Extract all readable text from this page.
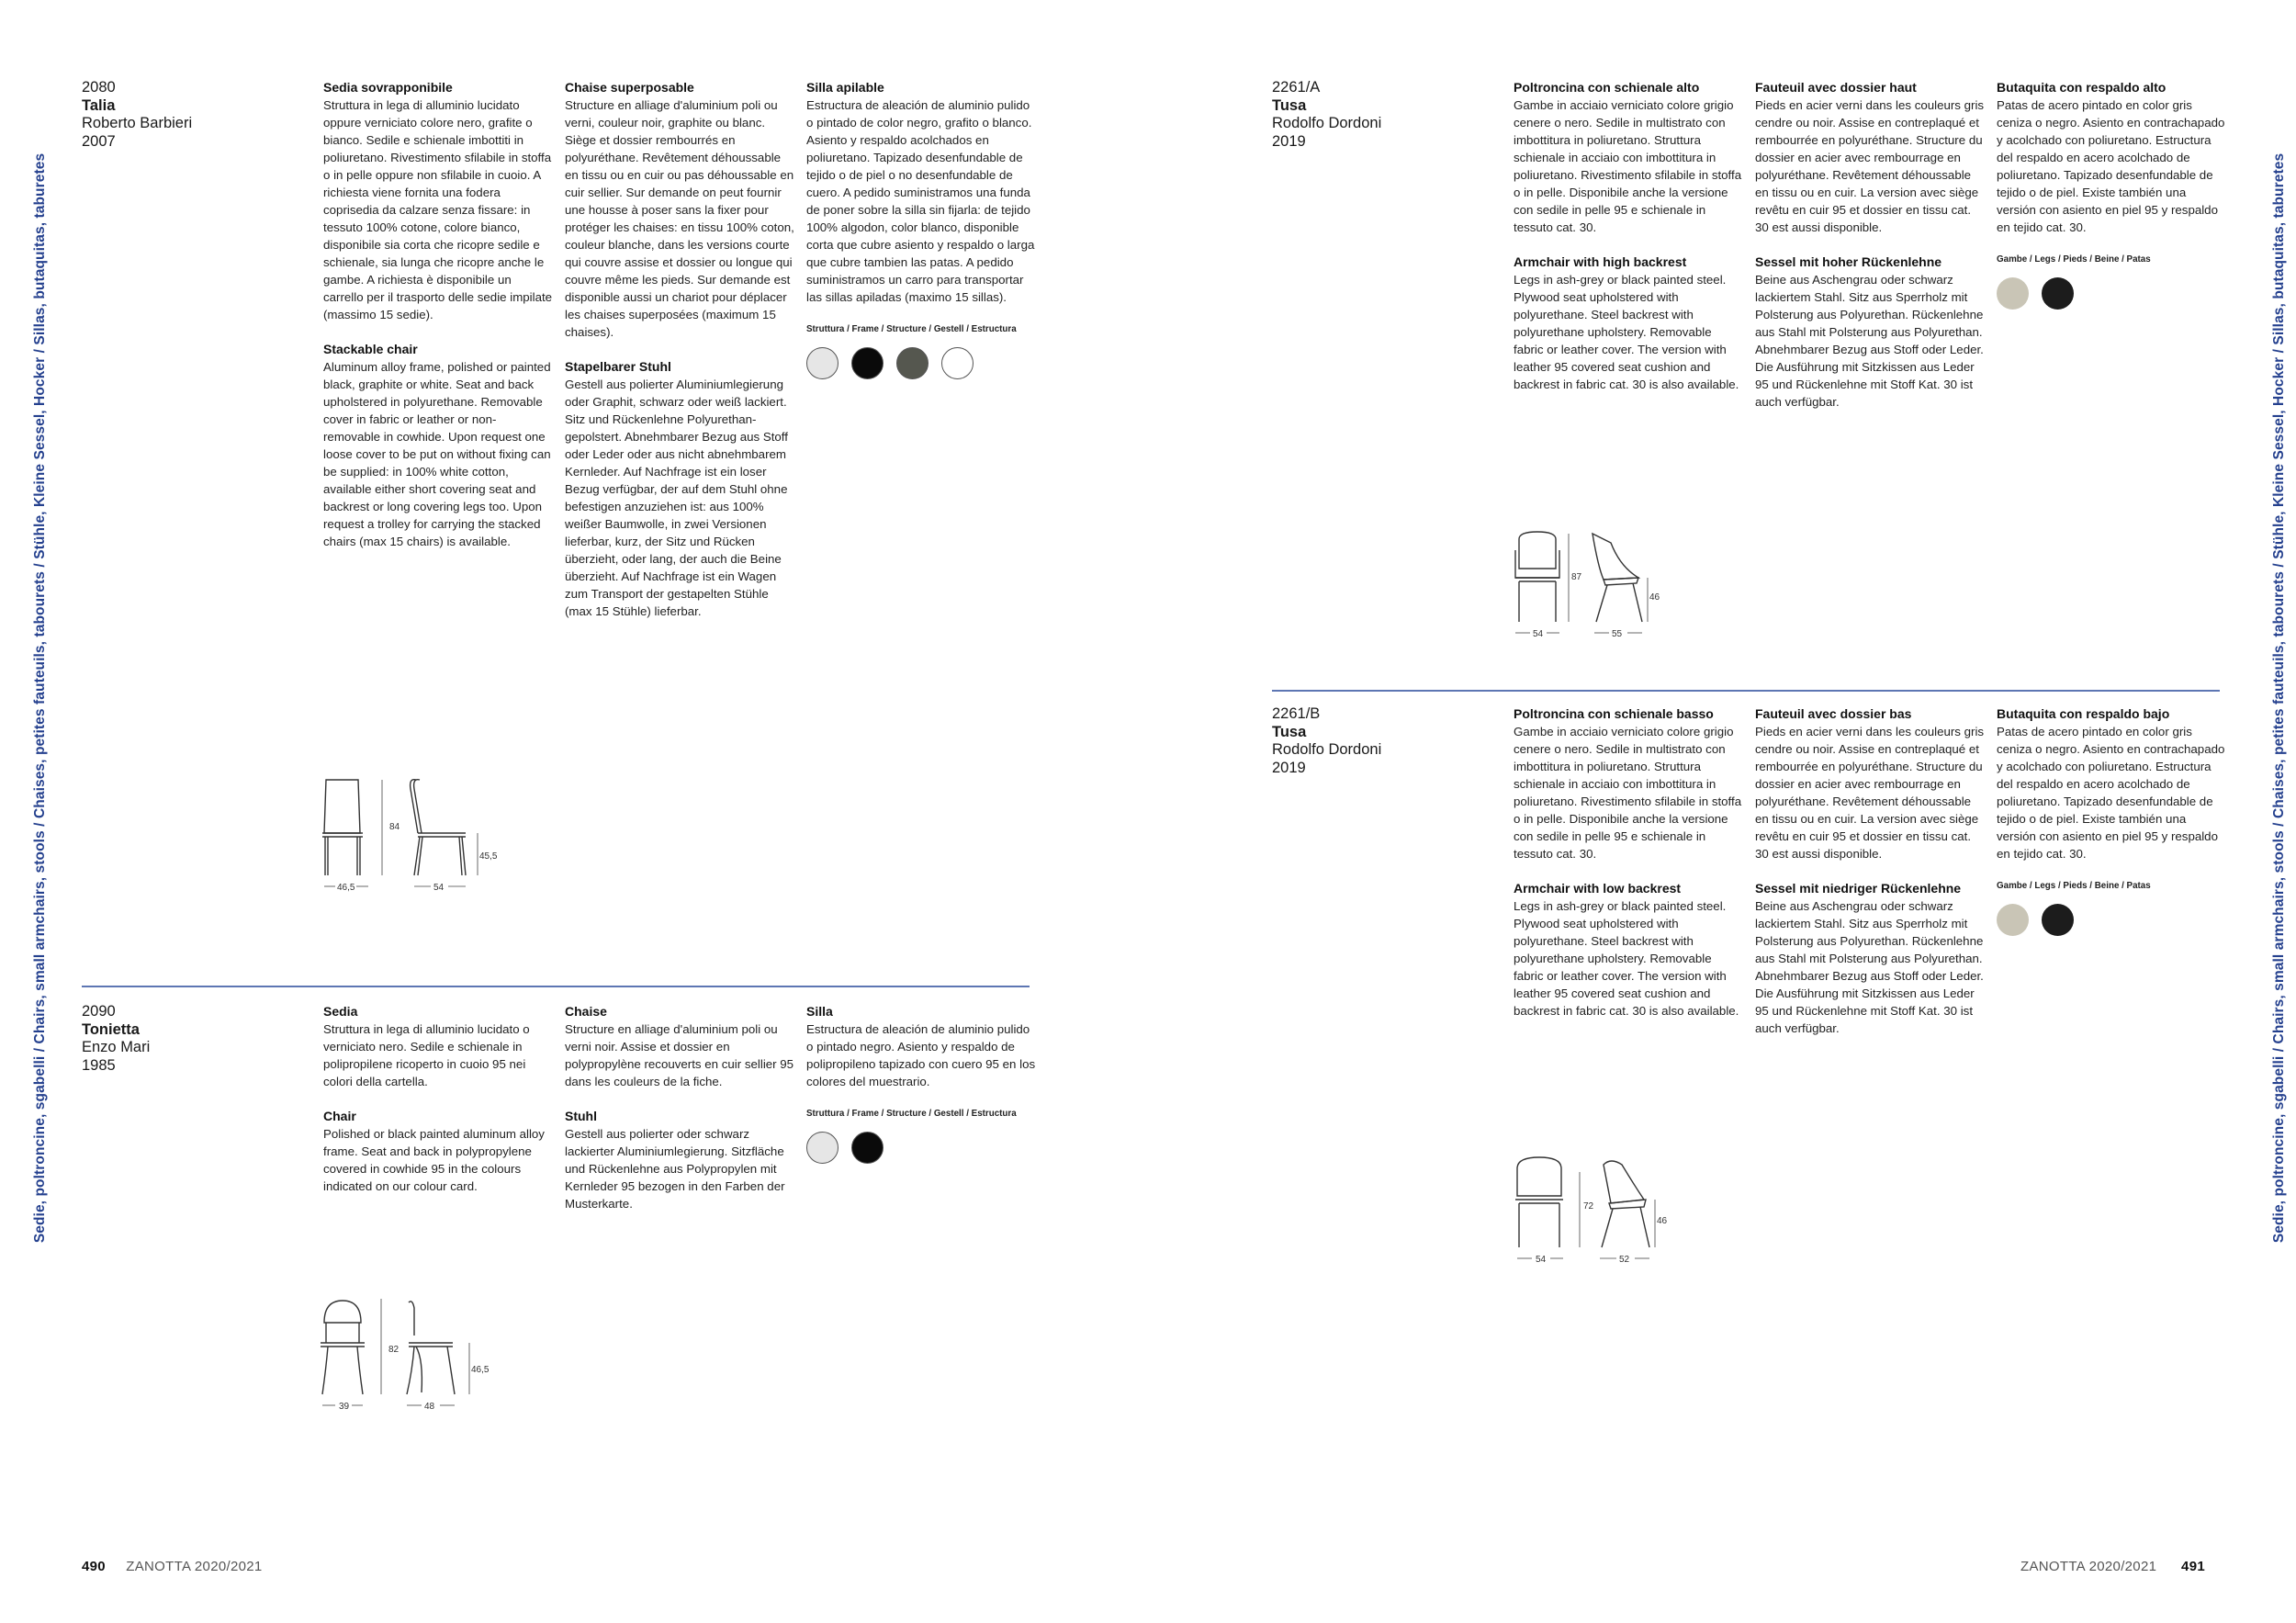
Sedie, poltroncine, sgabelli / Chairs, small armchairs, stools / Chaises, petites fauteuils, tabourets / Stühle, Kleine Sessel, Hocker / Sillas, butaquitas, taburetes
2080
Talia
Roberto Barbieri
2007
Sedia sovrapponibile

Struttura in lega di alluminio lucidato oppure verniciato colore nero, grafite o bianco. Sedile e schienale imbottiti in poliuretano. Rivestimento sfilabile in stoffa o in pelle oppure non sfilabile in cuoio. A richiesta viene fornita una fodera coprisedia da calzare senza fissare: in tessuto 100% cotone, colore bianco, disponibile sia corta che ricopre sedile e schienale, sia lunga che ricopre anche le gambe. A richiesta è disponibile un carrello per il trasporto delle sedie impilate (massimo 15 sedie).

Stackable chair

Aluminum alloy frame, polished or painted black, graphite or white. Seat and back upholstered in polyurethane. Removable cover in fabric or leather or non-removable in cowhide. Upon request one loose cover to be put on without fixing can be supplied: in 100% white cotton, available either short covering seat and backrest or long covering legs too. Upon request a trolley for carrying the stacked chairs (max 15 chairs) is available.

Chaise superposable

Structure en alliage d'aluminium poli ou verni, couleur noir, graphite ou blanc. Siège et dossier rembourrés en polyuréthane. Revêtement déhoussable en tissu ou en cuir ou pas déhoussable en cuir sellier. Sur demande on peut fournir une housse à poser sans la fixer pour protéger les chaises: en tissu 100% coton, couleur blanche, dans les versions courte qui couvre assise et dossier ou longue qui couvre même les pieds. Sur demande est disponible aussi un chariot pour déplacer les chaises superposées (maximum 15 chaises).

Stapelbarer Stuhl

Gestell aus polierter Aluminiumlegierung oder Graphit, schwarz oder weiß lackiert. Sitz und Rückenlehne Polyurethan-gepolstert. Abnehmbarer Bezug aus Stoff oder Leder oder aus nicht abnehmbarem Kernleder. Auf Nachfrage ist ein loser Bezug verfügbar, der auf dem Stuhl ohne befestigen anzuziehen ist: aus 100% weißer Baumwolle, in zwei Versionen lieferbar, kurz, der Sitz und Rücken überzieht, oder lang, der auch die Beine überzieht. Auf Nachfrage ist ein Wagen zum Transport der gestapelten Stühle (max 15 Stühle) lieferbar.

Silla apilable

Estructura de aleación de aluminio pulido o pintado de color negro, grafito o blanco. Asiento y respaldo acolchados en poliuretano. Tapizado desenfundable de tejido o de piel o no desenfundable de cuero. A pedido suministramos una funda de poner sobre la silla sin fijarla: de tejido 100% algodon, color blanco, disponible corta que cubre asiento y respaldo o larga que cubre tambien las patas. A pedido suministramos un carro para transportar las sillas apiladas (maximo 15 sillas).

Struttura / Frame / Structure / Gestell / Estructura
84
45,5
46,5	54
2090
Tonietta
Enzo Mari
1985
Sedia

Struttura in lega di alluminio lucidato o verniciato nero. Sedile e schienale in polipropilene ricoperto in cuoio 95 nei colori della cartella.

Chair

Polished or black painted aluminum alloy frame. Seat and back in polypropylene covered in cowhide 95 in the colours indicated on our colour card.

Chaise

Structure en alliage d'aluminium poli ou verni noir. Assise et dossier en polypropylène recouverts en cuir sellier 95 dans les couleurs de la fiche.

Stuhl

Gestell aus polierter oder schwarz lackierter Aluminiumlegierung. Sitzfläche und Rückenlehne aus Polypropylen mit Kernleder 95 bezogen in den Farben der Musterkarte.

Silla

Estructura de aleación de aluminio pulido o pintado negro. Asiento y respaldo de polipropileno tapizado con cuero 95 en los colores del muestrario.

Struttura / Frame / Structure / Gestell / Estructura
82
46,5
39	48
490 ZANOTTA 2020/2021
Sedie, poltroncine, sgabelli / Chairs, small armchairs, stools / Chaises, petites fauteuils, tabourets / Stühle, Kleine Sessel, Hocker / Sillas, butaquitas, taburetes
2261/A
Tusa
Rodolfo Dordoni
2019
Poltroncina con schienale alto

Gambe in acciaio verniciato colore grigio cenere o nero. Sedile in multistrato con imbottitura in poliuretano. Struttura schienale in acciaio con imbottitura in poliuretano. Rivestimento sfilabile in stoffa o in pelle. Disponibile anche la versione con sedile in pelle 95 e schienale in tessuto cat. 30.

Armchair with high backrest

Legs in ash-grey or black painted steel. Plywood seat upholstered with polyurethane. Steel backrest with polyurethane upholstery. Removable fabric or leather cover. The version with leather 95 covered seat cushion and backrest in fabric cat. 30 is also available.

Fauteuil avec dossier haut

Pieds en acier verni dans les couleurs gris cendre ou noir. Assise en contreplaqué et rembourrée en polyuréthane. Structure du dossier en acier avec rembourrage en polyuréthane. Revêtement déhoussable en tissu ou en cuir. La version avec siège revêtu en cuir 95 et dossier en tissu cat. 30 est aussi disponible.

Sessel mit hoher Rückenlehne

Beine aus Aschengrau oder schwarz lackiertem Stahl. Sitz aus Sperrholz mit Polsterung aus Polyurethan. Rückenlehne aus Stahl mit Polsterung aus Polyurethan. Abnehmbarer Bezug aus Stoff oder Leder. Die Ausführung mit Sitzkissen aus Leder 95 und Rückenlehne mit Stoff Kat. 30 ist auch verfügbar.

Butaquita con respaldo alto

Patas de acero pintado en color gris ceniza o negro. Asiento en contrachapado y acolchado con poliuretano. Estructura del respaldo en acero acolchado de poliuretano. Tapizado desenfundable de tejido o de piel. Existe también una versión con asiento en piel 95 y respaldo en tejido cat. 30.

Gambe / Legs / Pieds / Beine / Patas
87
46
54	55
2261/B
Tusa
Rodolfo Dordoni
2019
Poltroncina con schienale basso

Gambe in acciaio verniciato colore grigio cenere o nero. Sedile in multistrato con imbottitura in poliuretano. Struttura schienale in acciaio con imbottitura in poliuretano. Rivestimento sfilabile in stoffa o in pelle. Disponibile anche la versione con sedile in pelle 95 e schienale in tessuto cat. 30.

Armchair with low backrest

Legs in ash-grey or black painted steel. Plywood seat upholstered with polyurethane. Steel backrest with polyurethane upholstery. Removable fabric or leather cover. The version with leather 95 covered seat cushion and backrest in fabric cat. 30 is also available.

Fauteuil avec dossier bas

Pieds en acier verni dans les couleurs gris cendre ou noir. Assise en contreplaqué et rembourrée en polyuréthane. Structure du dossier en acier avec rembourrage en polyuréthane. Revêtement déhoussable en tissu ou en cuir. La version avec siège revêtu en cuir 95 et dossier en tissu cat. 30 est aussi disponible.

Sessel mit niedriger Rückenlehne

Beine aus Aschengrau oder schwarz lackiertem Stahl. Sitz aus Sperrholz mit Polsterung aus Polyurethan. Rückenlehne aus Stahl mit Polsterung aus Polyurethan. Abnehmbarer Bezug aus Stoff oder Leder. Die Ausführung mit Sitzkissen aus Leder 95 und Rückenlehne mit Stoff Kat. 30 ist auch verfügbar.

Butaquita con respaldo bajo

Patas de acero pintado en color gris ceniza o negro. Asiento en contrachapado y acolchado con poliuretano. Estructura del respaldo en acero acolchado de poliuretano. Tapizado desenfundable de tejido o de piel. Existe también una versión con asiento en piel 95 y respaldo en tejido cat. 30.

Gambe / Legs / Pieds / Beine / Patas
72
46
54	52
ZANOTTA 2020/2021 491
